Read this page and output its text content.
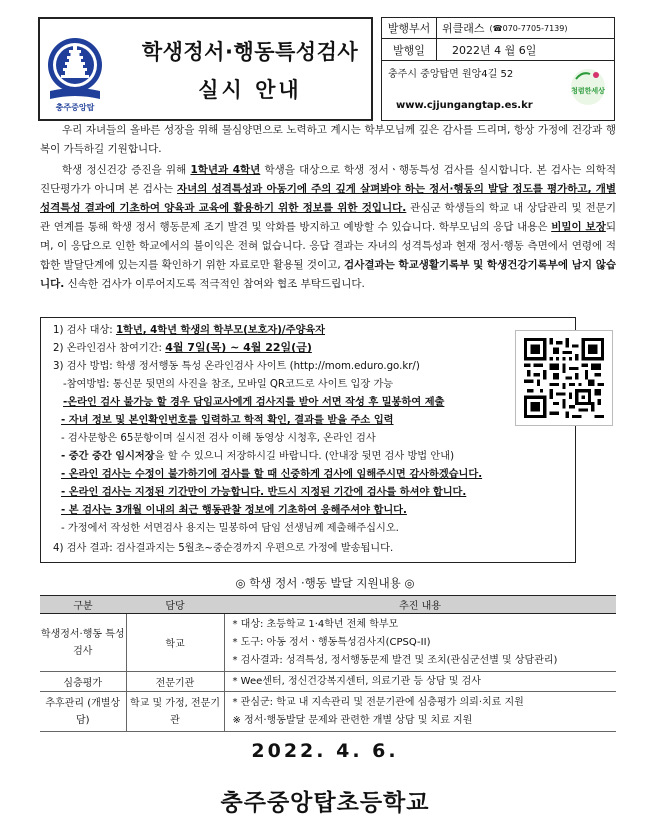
충주중앙탑
학생정서·행동특성검사
실시 안내
발행부서	위클래스 (☎070-7705-7139)
발행일	2022년 4 월 6일
충주시 중앙탑면 원앙4길 52
www.cjjungangtap.es.kr
청렴한세상
우리 자녀들의 올바른 성장을 위해 물심양면으로 노력하고 계시는 학부모님께 깊은 감사를 드리며, 항상 가정에 건강과 행복이 가득하길 기원합니다.
학생 정신건강 증진을 위해 1학년과 4학년 학생을 대상으로 학생 정서ㆍ행동특성 검사를 실시합니다. 본 검사는 의학적 진단평가가 아니며 본 검사는 자녀의 성격특성과 아동기에 주의 깊게 살펴봐야 하는 정서·행동의 발달 정도를 평가하고, 개별 성격특성 결과에 기초하여 양육과 교육에 활용하기 위한 정보를 위한 것입니다. 관심군 학생들의 학교 내 상담관리 및 전문기관 연계를 통해 학생 정서 행동문제 조기 발견 및 악화를 방지하고 예방할 수 있습니다. 학부모님의 응답 내용은 비밀이 보장되며, 이 응답으로 인한 학교에서의 불이익은 전혀 없습니다. 응답 결과는 자녀의 성격특성과 현재 정서·행동 측면에서 연령에 적합한 발달단계에 있는지를 확인하기 위한 자료로만 활용될 것이고, 검사결과는 학교생활기록부 및 학생건강기록부에 남지 않습니다. 신속한 검사가 이루어지도록 적극적인 참여와 협조 부탁드립니다.
1) 검사 대상: 1학년, 4학년 학생의 학부모(보호자)/주양육자
2) 온라인검사 참여기간: 4월 7일(목) ~ 4월 22일(금)
3) 검사 방법: 학생 정서행동 특성 온라인검사 사이트 (http://mom.eduro.go.kr/)
-참여방법: 통신문 뒷면의 사진을 참조, 모바일 QR코드로 사이트 입장 가능
-온라인 검사 불가능 할 경우 담임교사에게 검사지를 받아 서면 작성 후 밀봉하여 제출
- 자녀 정보 및 본인확인번호를 입력하고 학적 확인, 결과를 받을 주소 입력
- 검사문항은 65문항이며 실시전 검사 이해 동영상 시청후, 온라인 검사
- 중간 중간 임시저장을 할 수 있으니 저장하시길 바랍니다. (안내장 뒷면 검사 방법 안내)
- 온라인 검사는 수정이 불가하기에 검사를 할 때 신중하게 검사에 임해주시면 감사하겠습니다.
- 온라인 검사는 지정된 기간만이 가능합니다. 반드시 지정된 기간에 검사를 하셔야 합니다.
- 본 검사는 3개월 이내의 최근 행동관찰 정보에 기초하여 응해주셔야 합니다.
- 가정에서 작성한 서면검사 용지는 밀봉하여 담임 선생님께 제출해주십시오.
4) 검사 결과: 검사결과지는 5월초~중순경까지 우편으로 가정에 발송됩니다.
◎ 학생 정서 ·행동 발달 지원내용 ◎
구분	담당	추진 내용
학생정서·행동 특성검사	학교	* 대상: 초등학교 1·4학년 전체 학부모
* 도구: 아동 정서ㆍ행동특성검사지(CPSQ-II)
* 검사결과: 성격특성, 정서행동문제 발견 및 조치(관심군선별 및 상담관리)

심층평가	전문기관	* Wee센터, 정신건강복지센터, 의료기관 등 상담 및 검사

추후관리 (개별상담)	학교 및 가정, 전문기관	* 관심군: 학교 내 지속관리 및 전문기관에 심층평가 의뢰·치료 지원
※ 정서·행동발달 문제와 관련한 개별 상담 및 치료 지원
2022. 4. 6.
충주중앙탑초등학교
